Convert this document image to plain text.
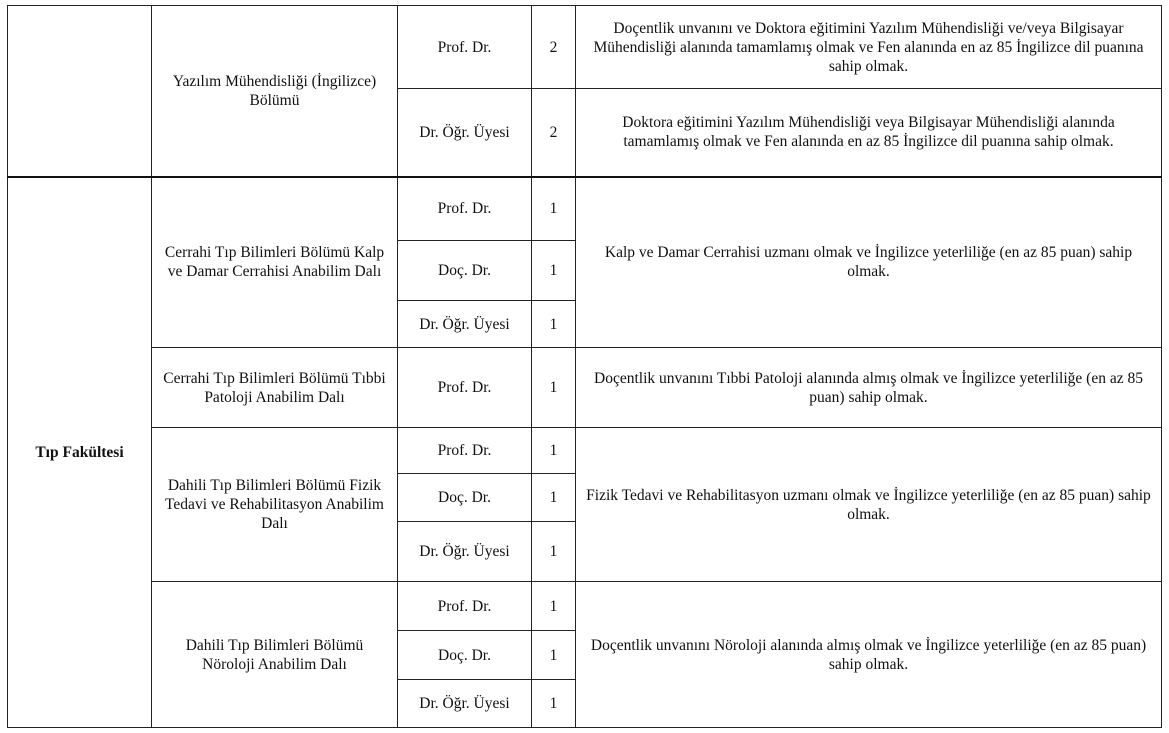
	Yazılım Mühendisliği (İngilizce) Bölümü	Prof. Dr.	2	Doçentlik unvanını ve Doktora eğitimini Yazılım Mühendisliği ve/veya Bilgisayar Mühendisliği alanında tamamlamış olmak ve Fen alanında en az 85 İngilizce dil puanına sahip olmak.
		Dr. Öğr. Üyesi	2	Doktora eğitimini Yazılım Mühendisliği veya Bilgisayar Mühendisliği alanında tamamlamış olmak ve Fen alanında en az 85 İngilizce dil puanına sahip olmak.
Tıp Fakültesi	Cerrahi Tıp Bilimleri Bölümü Kalp ve Damar Cerrahisi Anabilim Dalı	Prof. Dr.	1	Kalp ve Damar Cerrahisi uzmanı olmak ve İngilizce yeterliliğe (en az 85 puan) sahip olmak.
		Doç. Dr.	1	
		Dr. Öğr. Üyesi	1	
	Cerrahi Tıp Bilimleri Bölümü Tıbbi Patoloji Anabilim Dalı	Prof. Dr.	1	Doçentlik unvanını Tıbbi Patoloji alanında almış olmak ve İngilizce yeterliliğe (en az 85 puan) sahip olmak.
	Dahili Tıp Bilimleri Bölümü Fizik Tedavi ve Rehabilitasyon Anabilim Dalı	Prof. Dr.	1	Fizik Tedavi ve Rehabilitasyon uzmanı olmak ve İngilizce yeterliliğe (en az 85 puan) sahip olmak.
		Doç. Dr.	1	
		Dr. Öğr. Üyesi	1	
	Dahili Tıp Bilimleri Bölümü Nöroloji Anabilim Dalı	Prof. Dr.	1	Doçentlik unvanını Nöroloji alanında almış olmak ve İngilizce yeterliliğe (en az 85 puan) sahip olmak.
		Doç. Dr.	1	
		Dr. Öğr. Üyesi	1	
